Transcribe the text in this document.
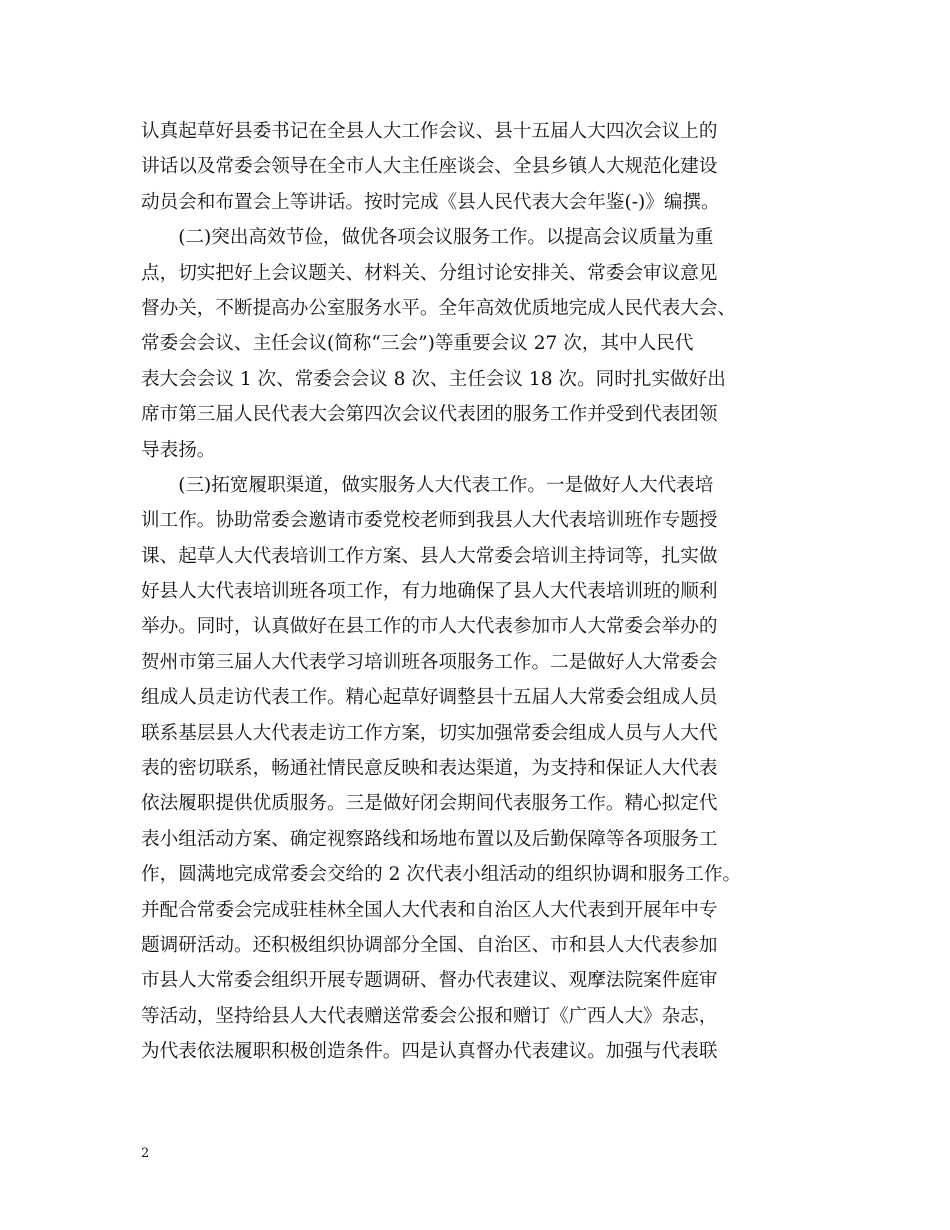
认真起草好县委书记在全县人大工作会议、县十五届人大四次会议上的
讲话以及常委会领导在全市人大主任座谈会、全县乡镇人大规范化建设
动员会和布置会上等讲话。按时完成《县人民代表大会年鉴(-)》编撰。
　　(二)突出高效节俭，做优各项会议服务工作。以提高会议质量为重
点，切实把好上会议题关、材料关、分组讨论安排关、常委会审议意见
督办关，不断提高办公室服务水平。全年高效优质地完成人民代表大会、
常委会会议、主任会议(简称“三会”)等重要会议 27 次，其中人民代
表大会会议 1 次、常委会会议 8 次、主任会议 18 次。同时扎实做好出
席市第三届人民代表大会第四次会议代表团的服务工作并受到代表团领
导表扬。
　　(三)拓宽履职渠道，做实服务人大代表工作。一是做好人大代表培
训工作。协助常委会邀请市委党校老师到我县人大代表培训班作专题授
课、起草人大代表培训工作方案、县人大常委会培训主持词等，扎实做
好县人大代表培训班各项工作，有力地确保了县人大代表培训班的顺利
举办。同时，认真做好在县工作的市人大代表参加市人大常委会举办的
贺州市第三届人大代表学习培训班各项服务工作。二是做好人大常委会
组成人员走访代表工作。精心起草好调整县十五届人大常委会组成人员
联系基层县人大代表走访工作方案，切实加强常委会组成人员与人大代
表的密切联系，畅通社情民意反映和表达渠道，为支持和保证人大代表
依法履职提供优质服务。三是做好闭会期间代表服务工作。精心拟定代
表小组活动方案、确定视察路线和场地布置以及后勤保障等各项服务工
作，圆满地完成常委会交给的 2 次代表小组活动的组织协调和服务工作。
并配合常委会完成驻桂林全国人大代表和自治区人大代表到开展年中专
题调研活动。还积极组织协调部分全国、自治区、市和县人大代表参加
市县人大常委会组织开展专题调研、督办代表建议、观摩法院案件庭审
等活动，坚持给县人大代表赠送常委会公报和赠订《广西人大》杂志，
为代表依法履职积极创造条件。四是认真督办代表建议。加强与代表联
2
